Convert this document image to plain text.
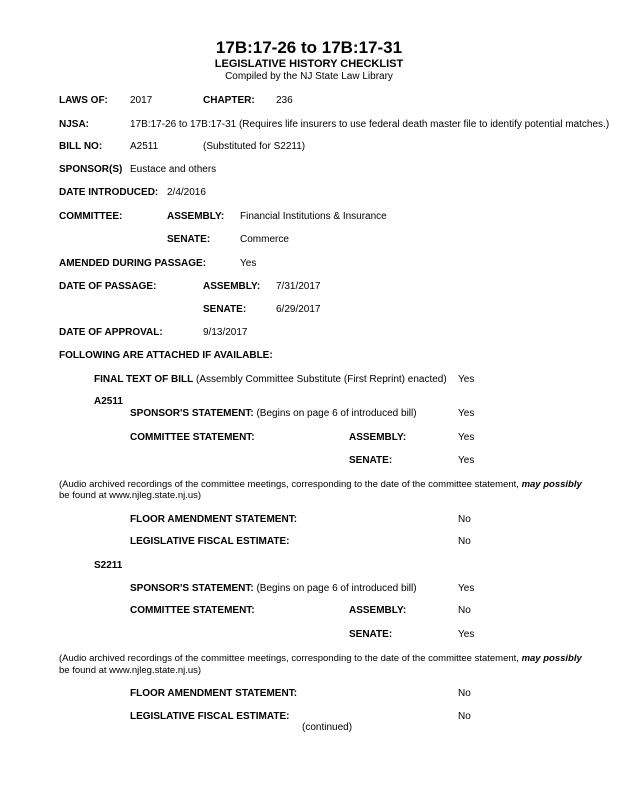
17B:17-26 to 17B:17-31
LEGISLATIVE HISTORY CHECKLIST
Compiled by the NJ State Law Library
LAWS OF: 2017	CHAPTER: 236
NJSA:	17B:17-26 to 17B:17-31 (Requires life insurers to use federal death master file to identify potential matches.)
BILL NO:	A2511	(Substituted for S2211)
SPONSOR(S) Eustace and others
DATE INTRODUCED: 2/4/2016
COMMITTEE:	ASSEMBLY: Financial Institutions & Insurance
SENATE:	Commerce
AMENDED DURING PASSAGE:	Yes
DATE OF PASSAGE:	ASSEMBLY: 7/31/2017
SENATE:	6/29/2017
DATE OF APPROVAL:	9/13/2017
FOLLOWING ARE ATTACHED IF AVAILABLE:
FINAL TEXT OF BILL (Assembly Committee Substitute (First Reprint) enacted) Yes
A2511
SPONSOR'S STATEMENT: (Begins on page 6 of introduced bill)	Yes
COMMITTEE STATEMENT:	ASSEMBLY:	Yes
SENATE:	Yes
(Audio archived recordings of the committee meetings, corresponding to the date of the committee statement, may possibly
be found at www.njleg.state.nj.us)
FLOOR AMENDMENT STATEMENT:	No
LEGISLATIVE FISCAL ESTIMATE:	No
S2211
SPONSOR'S STATEMENT: (Begins on page 6 of introduced bill)	Yes
COMMITTEE STATEMENT:	ASSEMBLY:	No
SENATE:	Yes
(Audio archived recordings of the committee meetings, corresponding to the date of the committee statement, may possibly
be found at www.njleg.state.nj.us)
FLOOR AMENDMENT STATEMENT:	No
LEGISLATIVE FISCAL ESTIMATE:	No
(continued)
